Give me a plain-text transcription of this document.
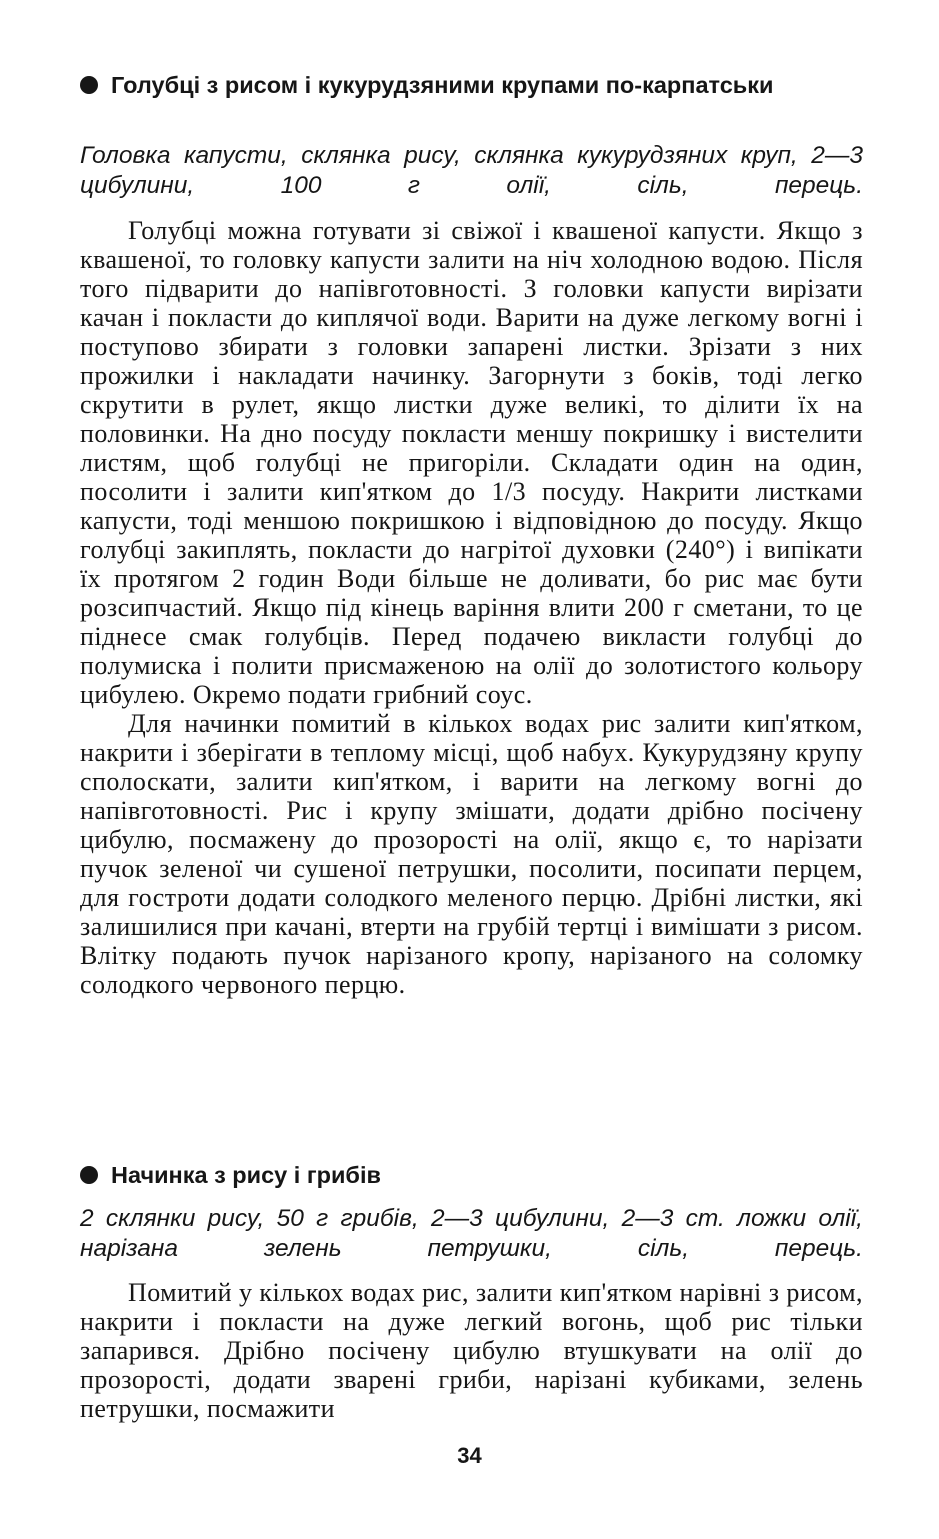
Голубці з рисом і кукурудзяними крупами по-карпатськи
Головка капусти, склянка рису, склянка кукурудзяних круп, 2—3 цибулини, 100 г олії, сіль, перець.

Голубці можна готувати зі свіжої і квашеної капусти. Якщо з квашеної, то головку капусти залити на ніч холодною водою. Після того підварити до напівготовності. З головки капусти вирізати качан і покласти до киплячої води. Варити на дуже легкому вогні і поступово збирати з головки запарені листки. Зрізати з них прожилки і накладати начинку. Загорнути з боків, тоді легко скрутити в рулет, якщо листки дуже великі, то ділити їх на половинки. На дно посуду покласти меншу покришку і вистелити листям, щоб голубці не пригоріли. Складати один на один, посолити і залити кип'ятком до 1/3 посуду. Накрити листками капусти, тоді меншою покришкою і відповідною до посуду. Якщо голубці закиплять, покласти до нагрітої духовки (240°) і випікати їх протягом 2 годин Води більше не доливати, бо рис має бути розсипчастий. Якщо під кінець варіння влити 200 г сметани, то це піднесе смак голубців. Перед подачею викласти голубці до полумиска і полити присмаженою на олії до золотистого кольору цибулею. Окремо подати грибний соус.

Для начинки помитий в кількох водах рис залити кип'ятком, накрити і зберігати в теплому місці, щоб набух. Кукурудзяну крупу сполоскати, залити кип'ятком, і варити на легкому вогні до напівготовності. Рис і крупу змішати, додати дрібно посічену цибулю, посмажену до прозорості на олії, якщо є, то нарізати пучок зеленої чи сушеної петрушки, посолити, посипати перцем, для гостроти додати солодкого меленого перцю. Дрібні листки, які залишилися при качані, втерти на грубій тертці і вимішати з рисом. Влітку подають пучок нарізаного кропу, нарізаного на соломку солодкого червоного перцю.

Начинка з рису і грибів
2 склянки рису, 50 г грибів, 2—3 цибулини, 2—3 ст. ложки олії, нарізана зелень петрушки, сіль, перець.

Помитий у кількох водах рис, залити кип'ятком нарівні з рисом, накрити і покласти на дуже легкий вогонь, щоб рис тільки запарився. Дрібно посічену цибулю втушкувати на олії до прозорості, додати зварені гриби, нарізані кубиками, зелень петрушки, посмажити

34
